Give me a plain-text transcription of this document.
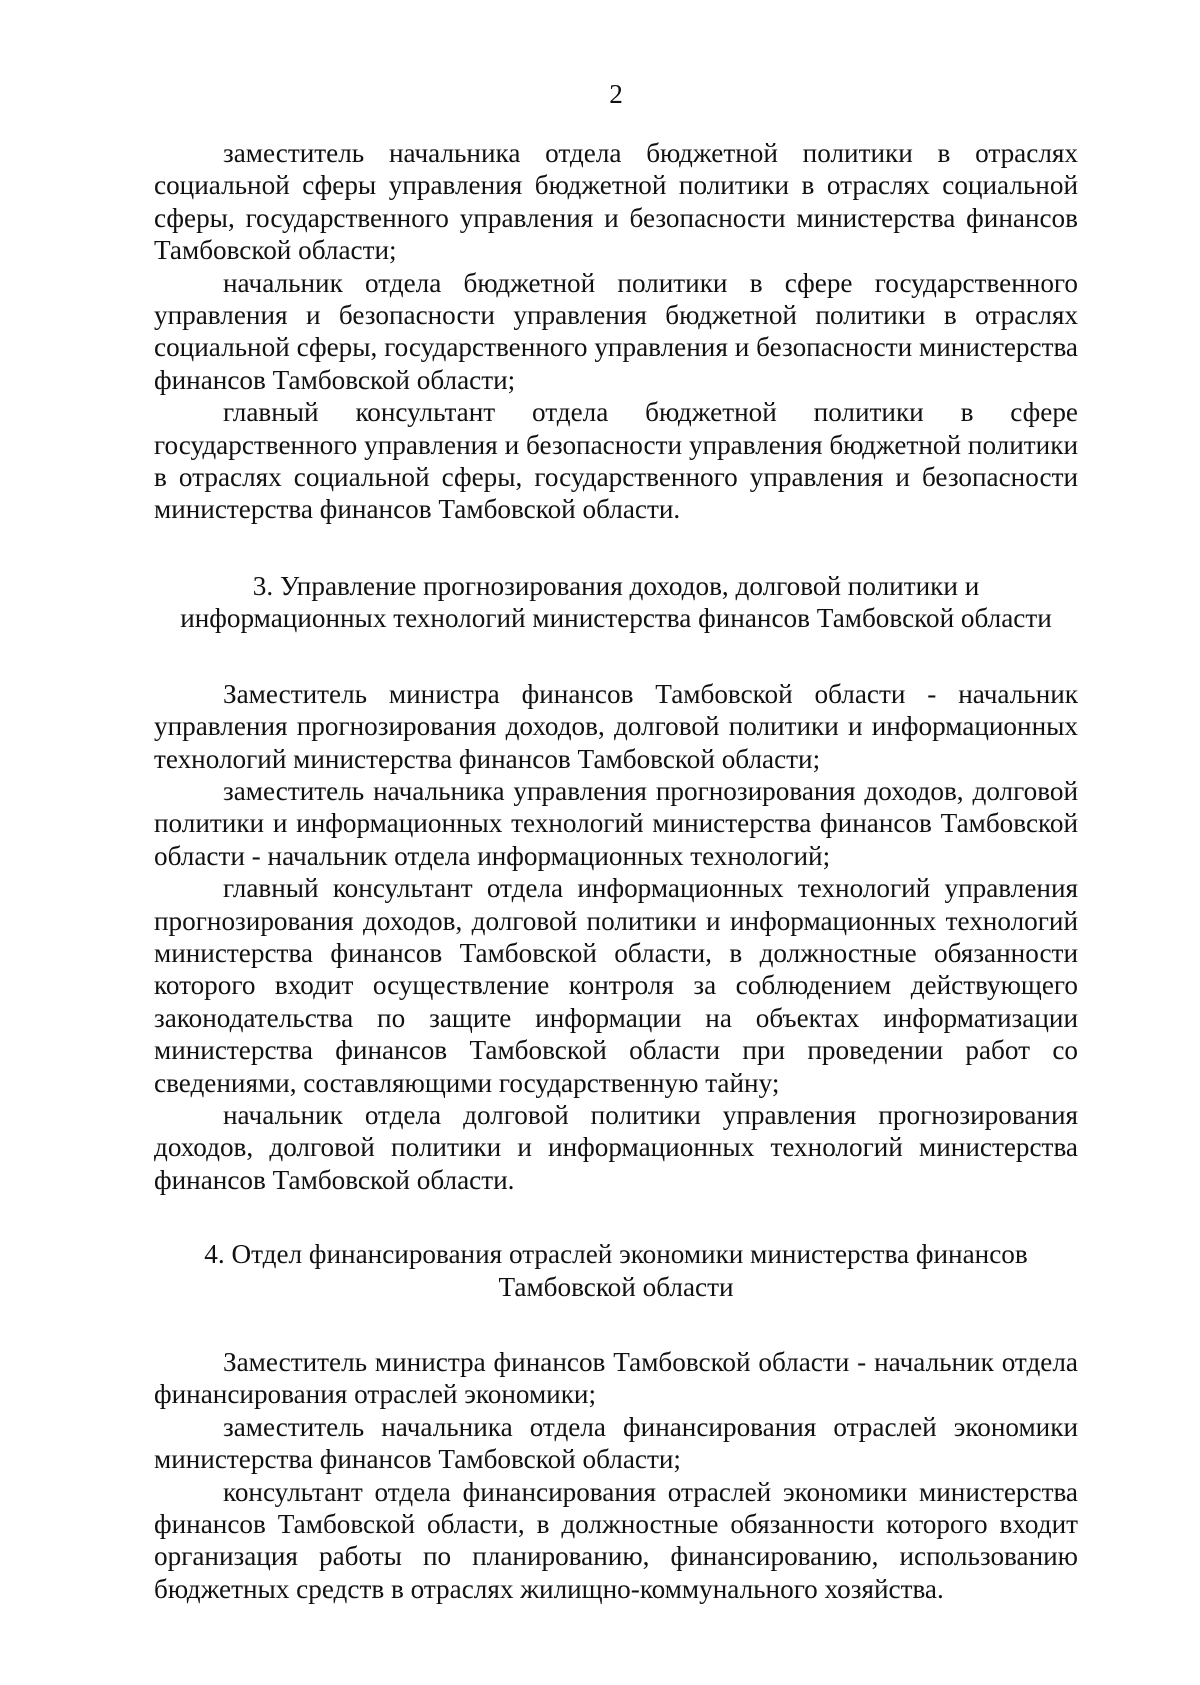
2

заместитель начальника отдела бюджетной политики в отраслях социальной сферы управления бюджетной политики в отраслях социальной сферы, государственного управления и безопасности министерства финансов Тамбовской области;

начальник отдела бюджетной политики в сфере государственного управления и безопасности управления бюджетной политики в отраслях социальной сферы, государственного управления и безопасности министерства финансов Тамбовской области;

главный консультант отдела бюджетной политики в сфере государственного управления и безопасности управления бюджетной политики в отраслях социальной сферы, государственного управления и безопасности министерства финансов Тамбовской области.

3. Управление прогнозирования доходов, долговой политики и
информационных технологий министерства финансов Тамбовской области

Заместитель министра финансов Тамбовской области - начальник управления прогнозирования доходов, долговой политики и информационных технологий министерства финансов Тамбовской области;

заместитель начальника управления прогнозирования доходов, долговой политики и информационных технологий министерства финансов Тамбовской области - начальник отдела информационных технологий;

главный консультант отдела информационных технологий управления прогнозирования доходов, долговой политики и информационных технологий министерства финансов Тамбовской области, в должностные обязанности которого входит осуществление контроля за соблюдением действующего законодательства по защите информации на объектах информатизации министерства финансов Тамбовской области при проведении работ со сведениями, составляющими государственную тайну;

начальник отдела долговой политики управления прогнозирования доходов, долговой политики и информационных технологий министерства финансов Тамбовской области.

4. Отдел финансирования отраслей экономики министерства финансов
Тамбовской области

Заместитель министра финансов Тамбовской области - начальник отдела финансирования отраслей экономики;

заместитель начальника отдела финансирования отраслей экономики министерства финансов Тамбовской области;

консультант отдела финансирования отраслей экономики министерства финансов Тамбовской области, в должностные обязанности которого входит организация работы по планированию, финансированию, использованию бюджетных средств в отраслях жилищно-коммунального хозяйства.
